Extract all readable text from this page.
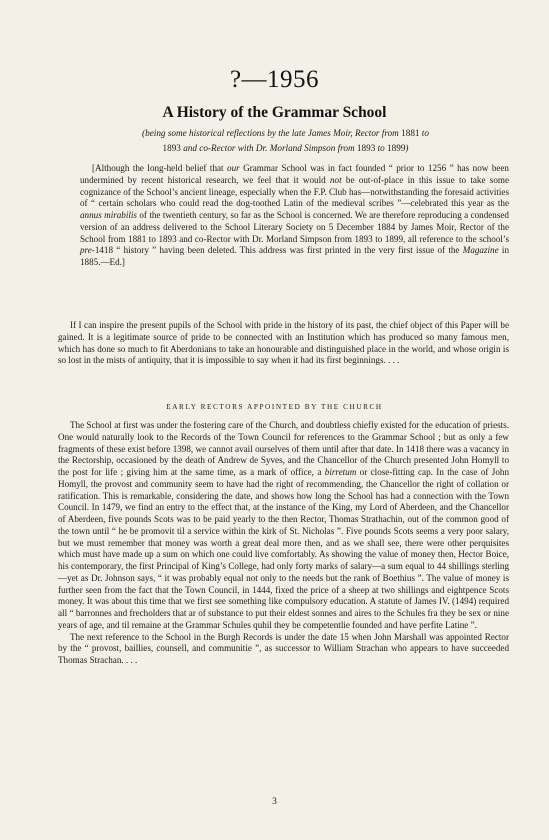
?—1956
A History of the Grammar School
(being some historical reflections by the late James Moir, Rector from 1881 to
1893 and co-Rector with Dr. Morland Simpson from 1893 to 1899)

[Although the long-held belief that our Grammar School was in fact founded “ prior to 1256 ” has now been undermined by recent historical research, we feel that it would not be out-of-place in this issue to take some cognizance of the School’s ancient lineage, especially when the F.P. Club has—notwithstanding the foresaid activities of “ certain scholars who could read the dog-toothed Latin of the medieval scribes ”—celebrated this year as the annus mirabilis of the twentieth century, so far as the School is concerned. We are therefore reproducing a condensed version of an address delivered to the School Literary Society on 5 December 1884 by James Moir, Rector of the School from 1881 to 1893 and co-Rector with Dr. Morland Simpson from 1893 to 1899, all reference to the school’s pre-1418 “ history ” having been deleted. This address was first printed in the very first issue of the Magazine in 1885.—Ed.]

If I can inspire the present pupils of the School with pride in the history of its past, the chief object of this Paper will be gained. It is a legitimate source of pride to be connected with an Institution which has produced so many famous men, which has done so much to fit Aberdonians to take an honourable and distinguished place in the world, and whose origin is so lost in the mists of antiquity, that it is impossible to say when it had its first beginnings. . . .

EARLY RECTORS APPOINTED BY THE CHURCH

The School at first was under the fostering care of the Church, and doubtless chiefly existed for the education of priests. One would naturally look to the Records of the Town Council for references to the Grammar School ; but as only a few fragments of these exist before 1398, we cannot avail ourselves of them until after that date. In 1418 there was a vacancy in the Rectorship, occasioned by the death of Andrew de Syves, and the Chancellor of the Church presented John Homyll to the post for life ; giving him at the same time, as a mark of office, a birretum or close-fitting cap. In the case of John Homyll, the provost and community seem to have had the right of recommending, the Chancellor the right of collation or ratification. This is remarkable, considering the date, and shows how long the School has had a connection with the Town Council. In 1479, we find an entry to the effect that, at the instance of the King, my Lord of Aberdeen, and the Chancellor of Aberdeen, five pounds Scots was to be paid yearly to the then Rector, Thomas Strathachin, out of the common good of the town until “ he be promovit til a service within the kirk of St. Nicholas ”. Five pounds Scots seems a very poor salary, but we must remember that money was worth a great deal more then, and as we shall see, there were other perquisites which must have made up a sum on which one could live comfortably. As showing the value of money then, Hector Boice, his contemporary, the first Principal of King’s College, had only forty marks of salary—a sum equal to 44 shillings sterling—yet as Dr. Johnson says, “ it was probably equal not only to the needs but the rank of Boethius ”. The value of money is further seen from the fact that the Town Council, in 1444, fixed the price of a sheep at two shillings and eightpence Scots money. It was about this time that we first see something like compulsory education. A statute of James IV. (1494) required all “ barronnes and frecholders that ar of substance to put their eldest sonnes and aires to the Schules fra they be sex or nine years of age, and til remaine at the Grammar Schules quhil they be competentlie founded and have perfite Latine ”.

The next reference to the School in the Burgh Records is under the date 15 when John Marshall was appointed Rector by the “ provost, baillies, counsell, and communitie ”, as successor to William Strachan who appears to have succeeded Thomas Strachan. . . .

3
